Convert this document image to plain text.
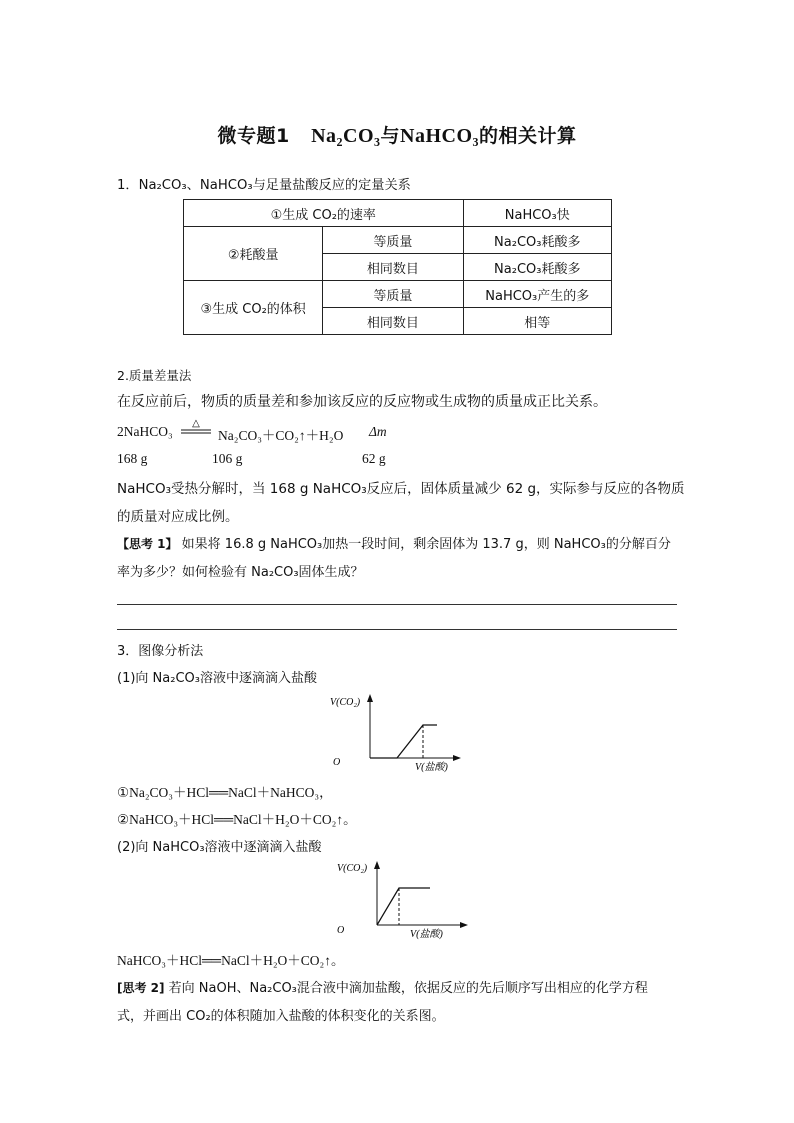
微专题1 Na₂CO₃与NaHCO₃的相关计算
1．Na₂CO₃、NaHCO₃与足量盐酸反应的定量关系
①生成 CO₂的速率		NaHCO₃快
②耗酸量	等质量	Na₂CO₃耗酸多
	相同数目	Na₂CO₃耗酸多
③生成 CO₂的体积	等质量	NaHCO₃产生的多
	相同数目	相等
2.质量差量法
在反应前后，物质的质量差和参加该反应的反应物或生成物的质量成正比关系。
2NaHCO₃
△
Na₂CO₃＋CO₂↑＋H₂O Δm
168 g	106 g	62 g
NaHCO₃受热分解时，当 168 g NaHCO₃反应后，固体质量减少 62 g，实际参与反应的各物质
的质量对应成比例。
【思考 1】 如果将 16.8 g NaHCO₃加热一段时间，剩余固体为 13.7 g，则 NaHCO₃的分解百分
率为多少？如何检验有 Na₂CO₃固体生成？
3．图像分析法
(1)向 Na₂CO₃溶液中逐滴滴入盐酸
V(CO₂)
O	V(盐酸)
①Na₂CO₃＋HCl══NaCl＋NaHCO₃，
②NaHCO₃＋HCl══NaCl＋H₂O＋CO₂↑。
(2)向 NaHCO₃溶液中逐滴滴入盐酸
V(CO₂)
O	V(盐酸)
NaHCO₃＋HCl══NaCl＋H₂O＋CO₂↑。
[思考 2] 若向 NaOH、Na₂CO₃混合液中滴加盐酸，依据反应的先后顺序写出相应的化学方程
式，并画出 CO₂的体积随加入盐酸的体积变化的关系图。
